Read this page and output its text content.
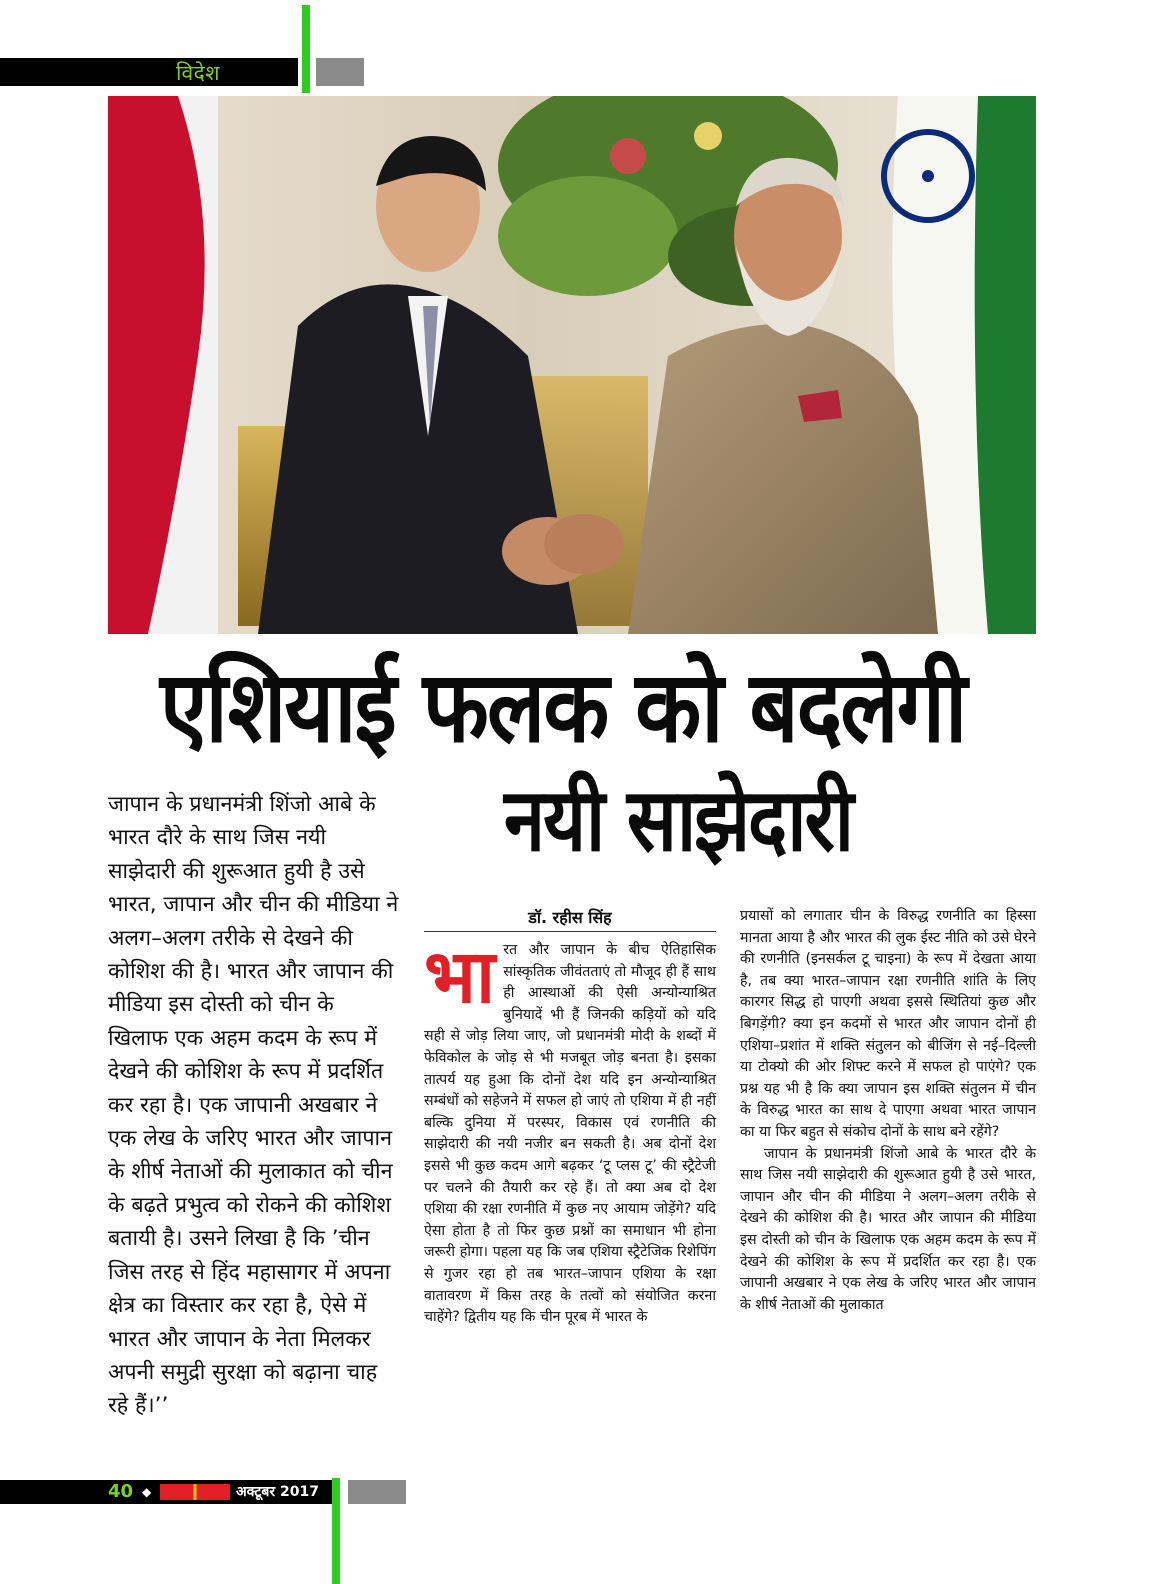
विदेश
एशियाई फलक को बदलेगी
नयी साझेदारी
जापान के प्रधानमंत्री शिंजो आबे के भारत दौरे के साथ जिस नयी साझेदारी की शुरूआत हुयी है उसे भारत, जापान और चीन की मीडिया ने अलग–अलग तरीके से देखने की कोशिश की है। भारत और जापान की मीडिया इस दोस्ती को चीन के खिलाफ एक अहम कदम के रूप में देखने की कोशिश के रूप में प्रदर्शित कर रहा है। एक जापानी अखबार ने एक लेख के जरिए भारत और जापान के शीर्ष नेताओं की मुलाकात को चीन के बढ़ते प्रभुत्व को रोकने की कोशिश बतायी है। उसने लिखा है कि ’चीन जिस तरह से हिंद महासागर में अपना क्षेत्र का विस्तार कर रहा है, ऐसे में भारत और जापान के नेता मिलकर अपनी समुद्री सुरक्षा को बढ़ाना चाह रहे हैं।’’
डॉ. रहीस सिंह

भारत और जापान के बीच ऐतिहासिक सांस्कृतिक जीवंतताएं तो मौजूद ही हैं साथ ही आस्थाओं की ऐसी अन्योन्याश्रित बुनियादें भी हैं जिनकी कड़ियों को यदि सही से जोड़ लिया जाए, जो प्रधानमंत्री मोदी के शब्दों में फेविकोल के जोड़ से भी मजबूत जोड़ बनता है। इसका तात्पर्य यह हुआ कि दोनों देश यदि इन अन्योन्याश्रित सम्बंधों को सहेजने में सफल हो जाएं तो एशिया में ही नहीं बल्कि दुनिया में परस्पर, विकास एवं रणनीति की साझेदारी की नयी नजीर बन सकती है। अब दोनों देश इससे भी कुछ कदम आगे बढ़कर ‘टू प्लस टू’ की स्ट्रैटेजी पर चलने की तैयारी कर रहे हैं। तो क्या अब दो देश एशिया की रक्षा रणनीति में कुछ नए आयाम जोड़ेंगे? यदि ऐसा होता है तो फिर कुछ प्रश्नों का समाधान भी होना जरूरी होगा। पहला यह कि जब एशिया स्ट्रैटेजिक रिशेपिंग से गुजर रहा हो तब भारत–जापान एशिया के रक्षा वातावरण में किस तरह के तत्वों को संयोजित करना चाहेंगे? द्वितीय यह कि चीन पूरब में भारत के

प्रयासों को लगातार चीन के विरुद्ध रणनीति का हिस्सा मानता आया है और भारत की लुक ईस्ट नीति को उसे घेरने की रणनीति (इनसर्कल टू चाइना) के रूप में देखता आया है, तब क्या भारत–जापान रक्षा रणनीति शांति के लिए कारगर सिद्ध हो पाएगी अथवा इससे स्थितियां कुछ और बिगड़ेंगी? क्या इन कदमों से भारत और जापान दोनों ही एशिया–प्रशांत में शक्ति संतुलन को बीजिंग से नई–दिल्ली या टोक्यो की ओर शिफ्ट करने में सफल हो पाएंगे? एक प्रश्न यह भी है कि क्या जापान इस शक्ति संतुलन में चीन के विरुद्ध भारत का साथ दे पाएगा अथवा भारत जापान का या फिर बहुत से संकोच दोनों के साथ बने रहेंगे?

जापान के प्रधानमंत्री शिंजो आबे के भारत दौरे के साथ जिस नयी साझेदारी की शुरूआत हुयी है उसे भारत, जापान और चीन की मीडिया ने अलग–अलग तरीके से देखने की कोशिश की है। भारत और जापान की मीडिया इस दोस्ती को चीन के खिलाफ एक अहम कदम के रूप में देखने की कोशिश के रूप में प्रदर्शित कर रहा है। एक जापानी अखबार ने एक लेख के जरिए भारत और जापान के शीर्ष नेताओं की मुलाकात

40 ◆	अक्टूबर 2017
